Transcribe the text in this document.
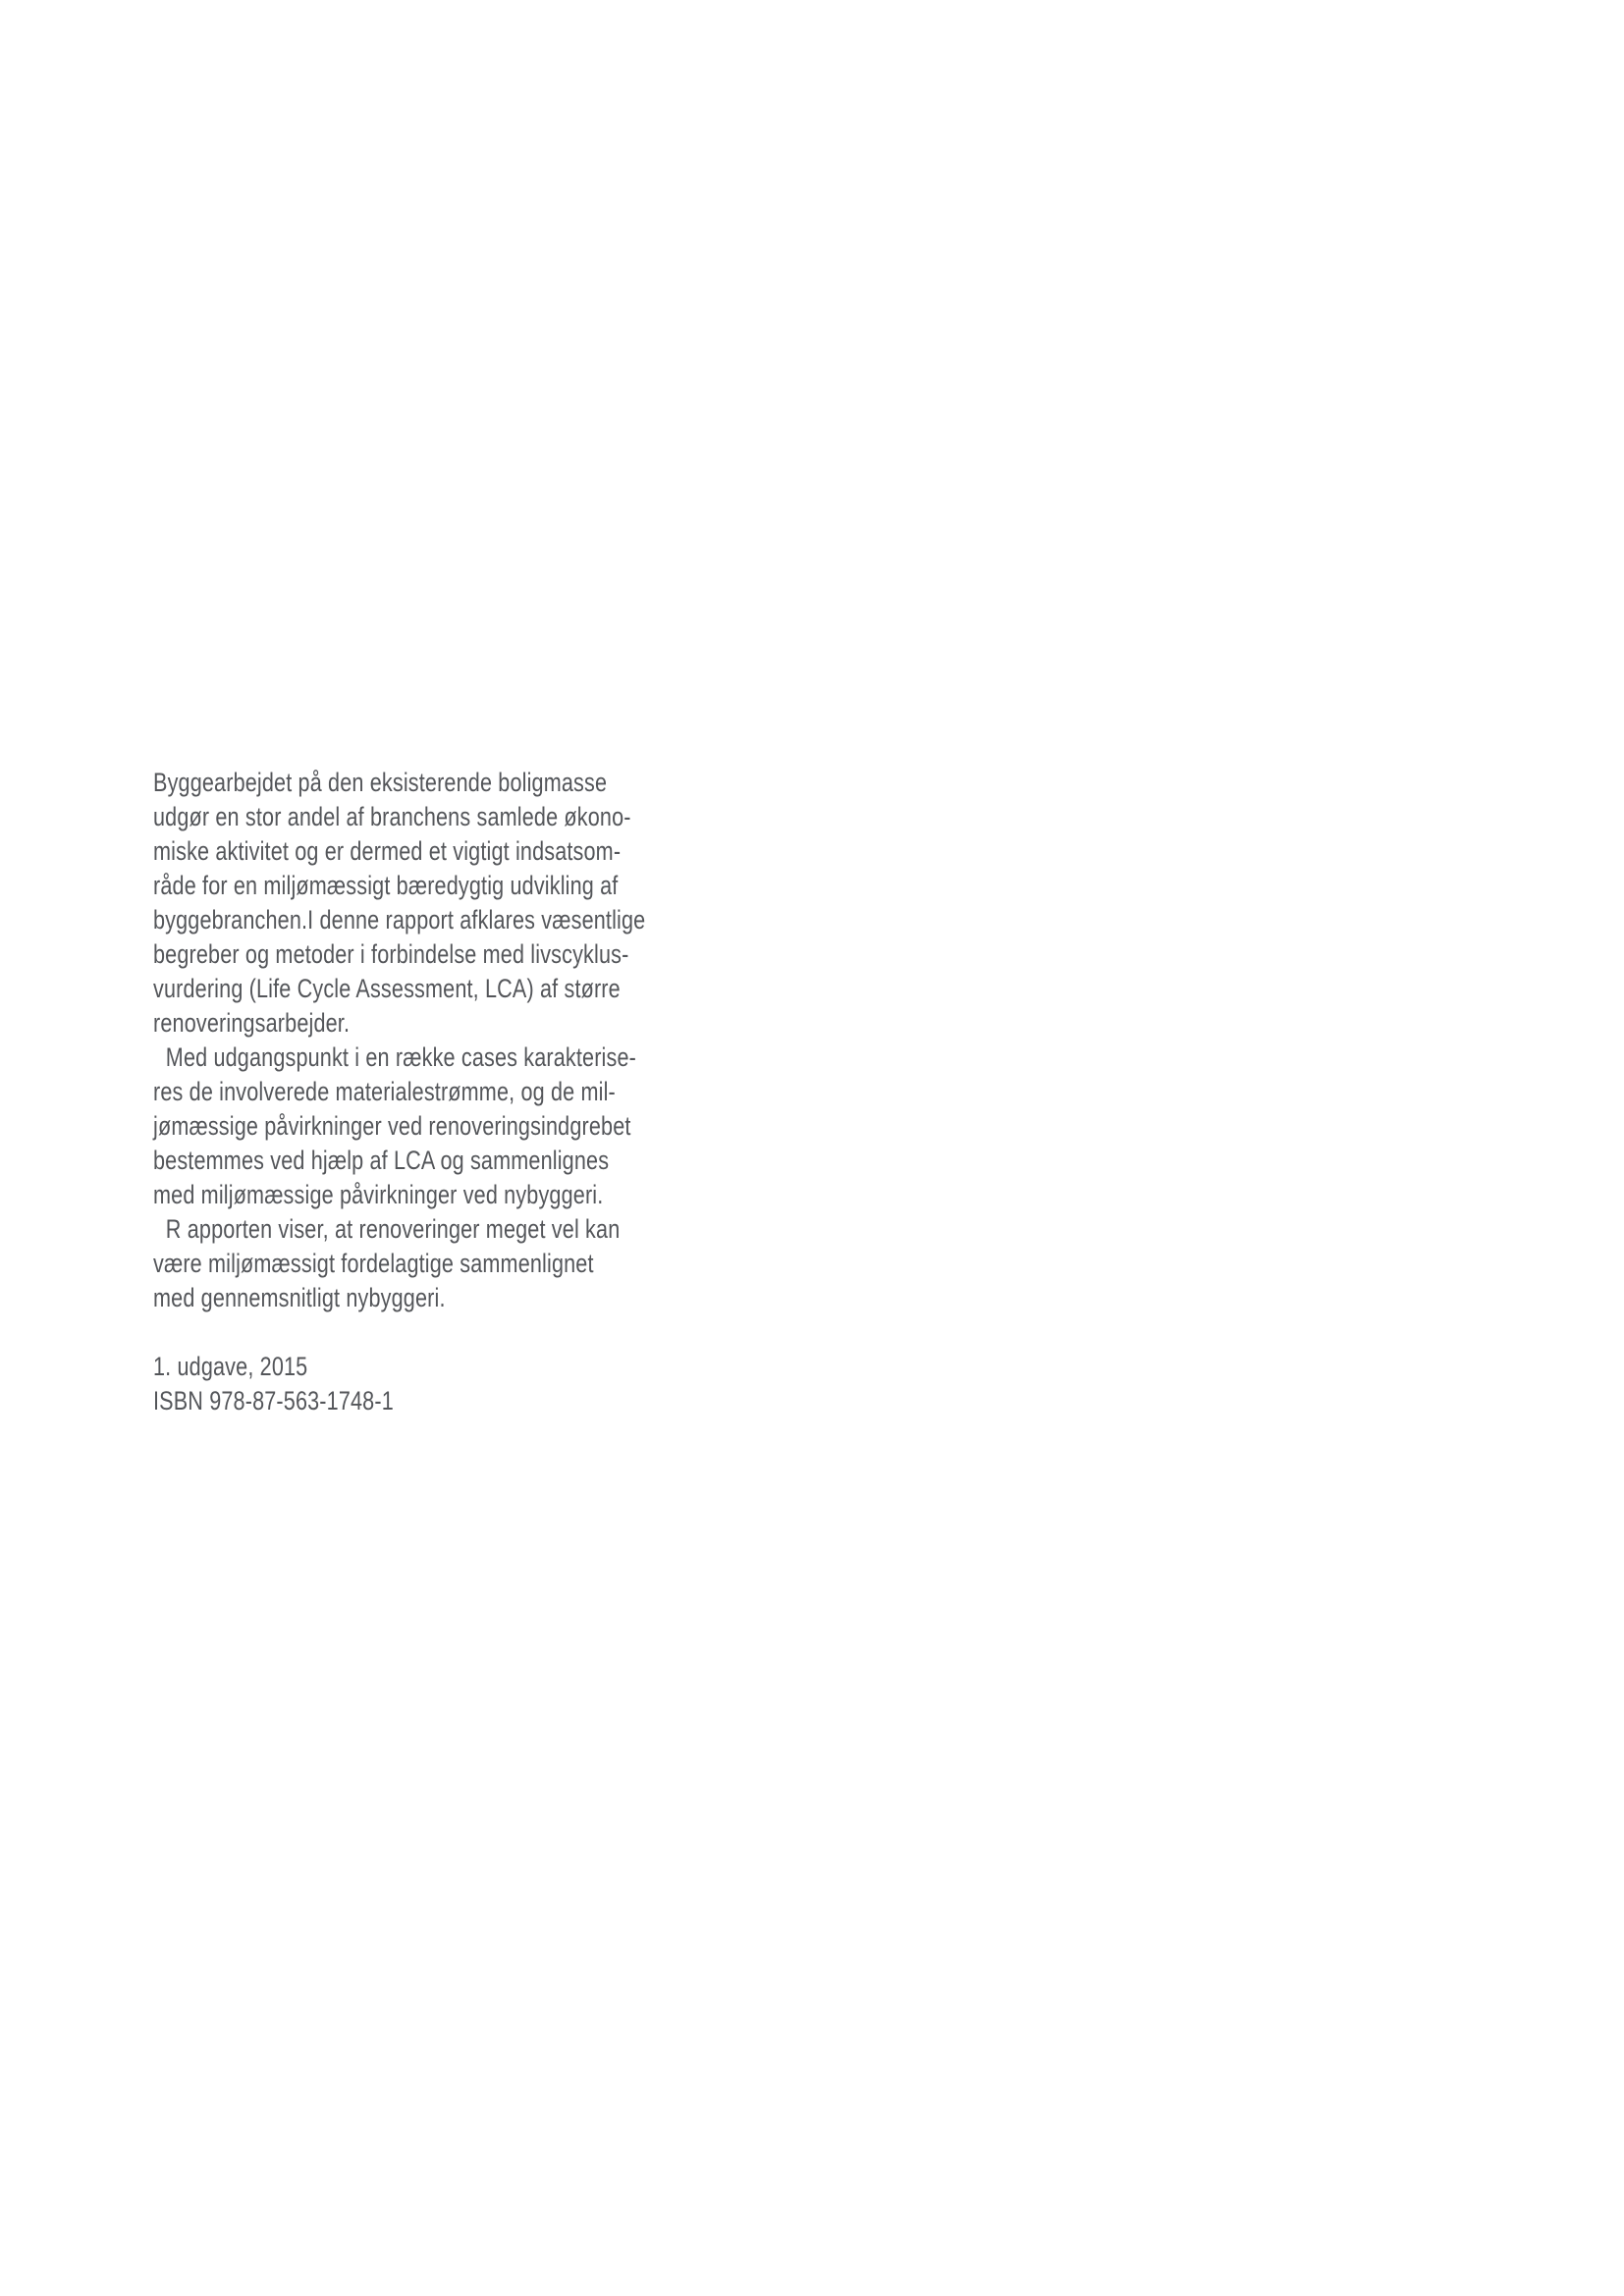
Byggearbejdet på den eksisterende boligmasse
udgør en stor andel af branchens samlede økono-
miske aktivitet og er dermed et vigtigt indsatsom-
råde for en miljømæssigt bæredygtig udvikling af
byggebranchen.I denne rapport afklares væsentlige
begreber og metoder i forbindelse med livscyklus-
vurdering (Life Cycle Assessment, LCA) af større
renoveringsarbejder.
Med udgangspunkt i en række cases karakterise-
res de involverede materialestrømme, og de mil-
jømæssige påvirkninger ved renoveringsindgrebet
bestemmes ved hjælp af LCA og sammenlignes
med miljømæssige påvirkninger ved nybyggeri.
R apporten viser, at renoveringer meget vel kan
være miljømæssigt fordelagtige sammenlignet
med gennemsnitligt nybyggeri.
1. udgave, 2015
ISBN 978-87-563-1748-1
